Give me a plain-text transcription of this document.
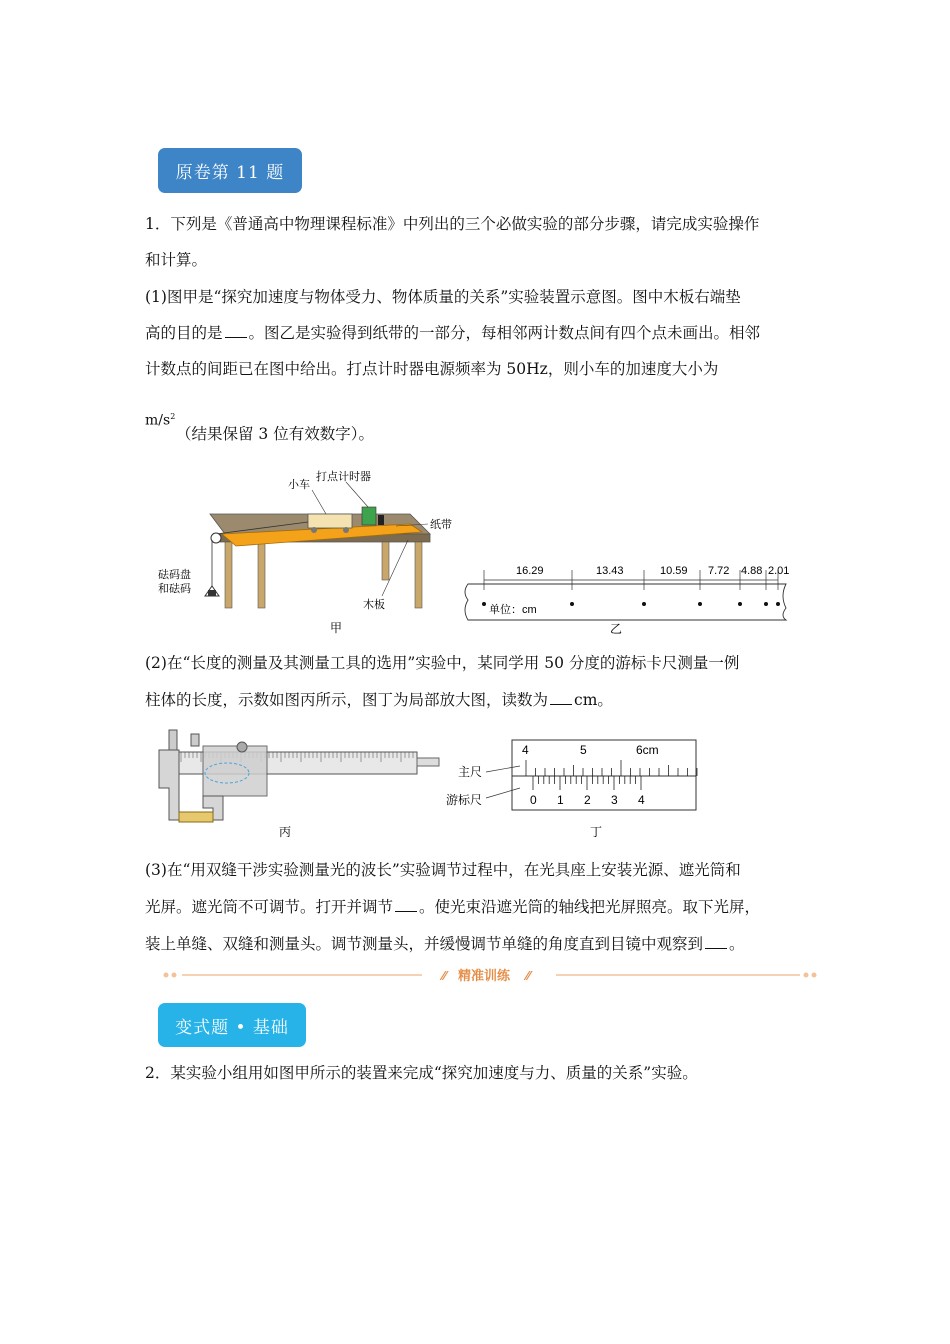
原卷第 11 题
1．下列是《普通高中物理课程标准》中列出的三个必做实验的部分步骤，请完成实验操作
和计算。
(1)图甲是“探究加速度与物体受力、物体质量的关系”实验装置示意图。图中木板右端垫
高的目的是 。图乙是实验得到纸带的一部分，每相邻两计数点间有四个点未画出。相邻
计数点的间距已在图中给出。打点计时器电源频率为 50Hz，则小车的加速度大小为
$m/s^2$
（结果保留 3 位有效数字）。
小车
打点计时器
纸带
砝码盘
和砝码
木板
甲
16.29	13.43	10.59 7.72 4.88 2.01
单位：cm
乙
(2)在“长度的测量及其测量工具的选用”实验中，某同学用 50 分度的游标卡尺测量一例
柱体的长度，示数如图丙所示，图丁为局部放大图，读数为 cm。
丙
4	5	6cm
0 1 2 3 4
主尺
游标尺
丁
(3)在“用双缝干涉实验测量光的波长”实验调节过程中，在光具座上安装光源、遮光筒和
光屏。遮光筒不可调节。打开并调节 。使光束沿遮光筒的轴线把光屏照亮。取下光屏，
装上单缝、双缝和测量头。调节测量头，并缓慢调节单缝的角度直到目镜中观察到 。
⁄⁄ 精准训练 ⁄⁄
变式题 • 基础
2．某实验小组用如图甲所示的装置来完成“探究加速度与力、质量的关系”实验。
